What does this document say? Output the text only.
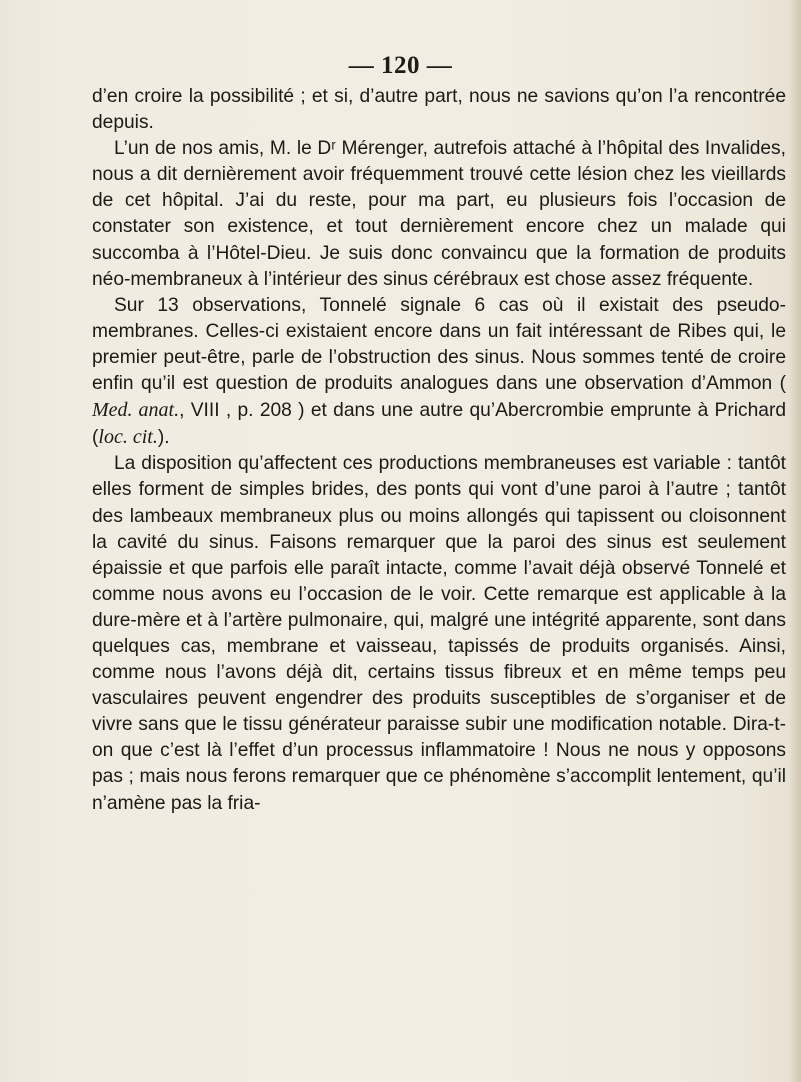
— 120 —

d’en croire la possibilité ; et si, d’autre part, nous ne savions qu’on l’a rencontrée depuis.

L’un de nos amis, M. le Dʳ Mérenger, autrefois attaché à l’hôpital des Invalides, nous a dit dernièrement avoir fréquemment trouvé cette lésion chez les vieillards de cet hôpital. J’ai du reste, pour ma part, eu plusieurs fois l’occasion de constater son existence, et tout dernièrement encore chez un malade qui succomba à l’Hôtel-Dieu. Je suis donc convaincu que la formation de produits néo-membraneux à l’intérieur des sinus cérébraux est chose assez fréquente.

Sur 13 observations, Tonnelé signale 6 cas où il existait des pseudo-membranes. Celles-ci existaient encore dans un fait intéressant de Ribes qui, le premier peut-être, parle de l’obstruction des sinus. Nous sommes tenté de croire enfin qu’il est question de produits analogues dans une observation d’Ammon ( Med. anat., VIII , p. 208 ) et dans une autre qu’Abercrombie emprunte à Prichard (loc. cit.).

La disposition qu’affectent ces productions membraneuses est variable : tantôt elles forment de simples brides, des ponts qui vont d’une paroi à l’autre ; tantôt des lambeaux membraneux plus ou moins allongés qui tapissent ou cloisonnent la cavité du sinus. Faisons remarquer que la paroi des sinus est seulement épaissie et que parfois elle paraît intacte, comme l’avait déjà observé Tonnelé et comme nous avons eu l’occasion de le voir. Cette remarque est applicable à la dure-mère et à l’artère pulmonaire, qui, malgré une intégrité apparente, sont dans quelques cas, membrane et vaisseau, tapissés de produits organisés. Ainsi, comme nous l’avons déjà dit, certains tissus fibreux et en même temps peu vasculaires peuvent engendrer des produits susceptibles de s’organiser et de vivre sans que le tissu générateur paraisse subir une modification notable. Dira-t-on que c’est là l’effet d’un processus inflammatoire ! Nous ne nous y opposons pas ; mais nous ferons remarquer que ce phénomène s’accomplit lentement, qu’il n’amène pas la fria-
